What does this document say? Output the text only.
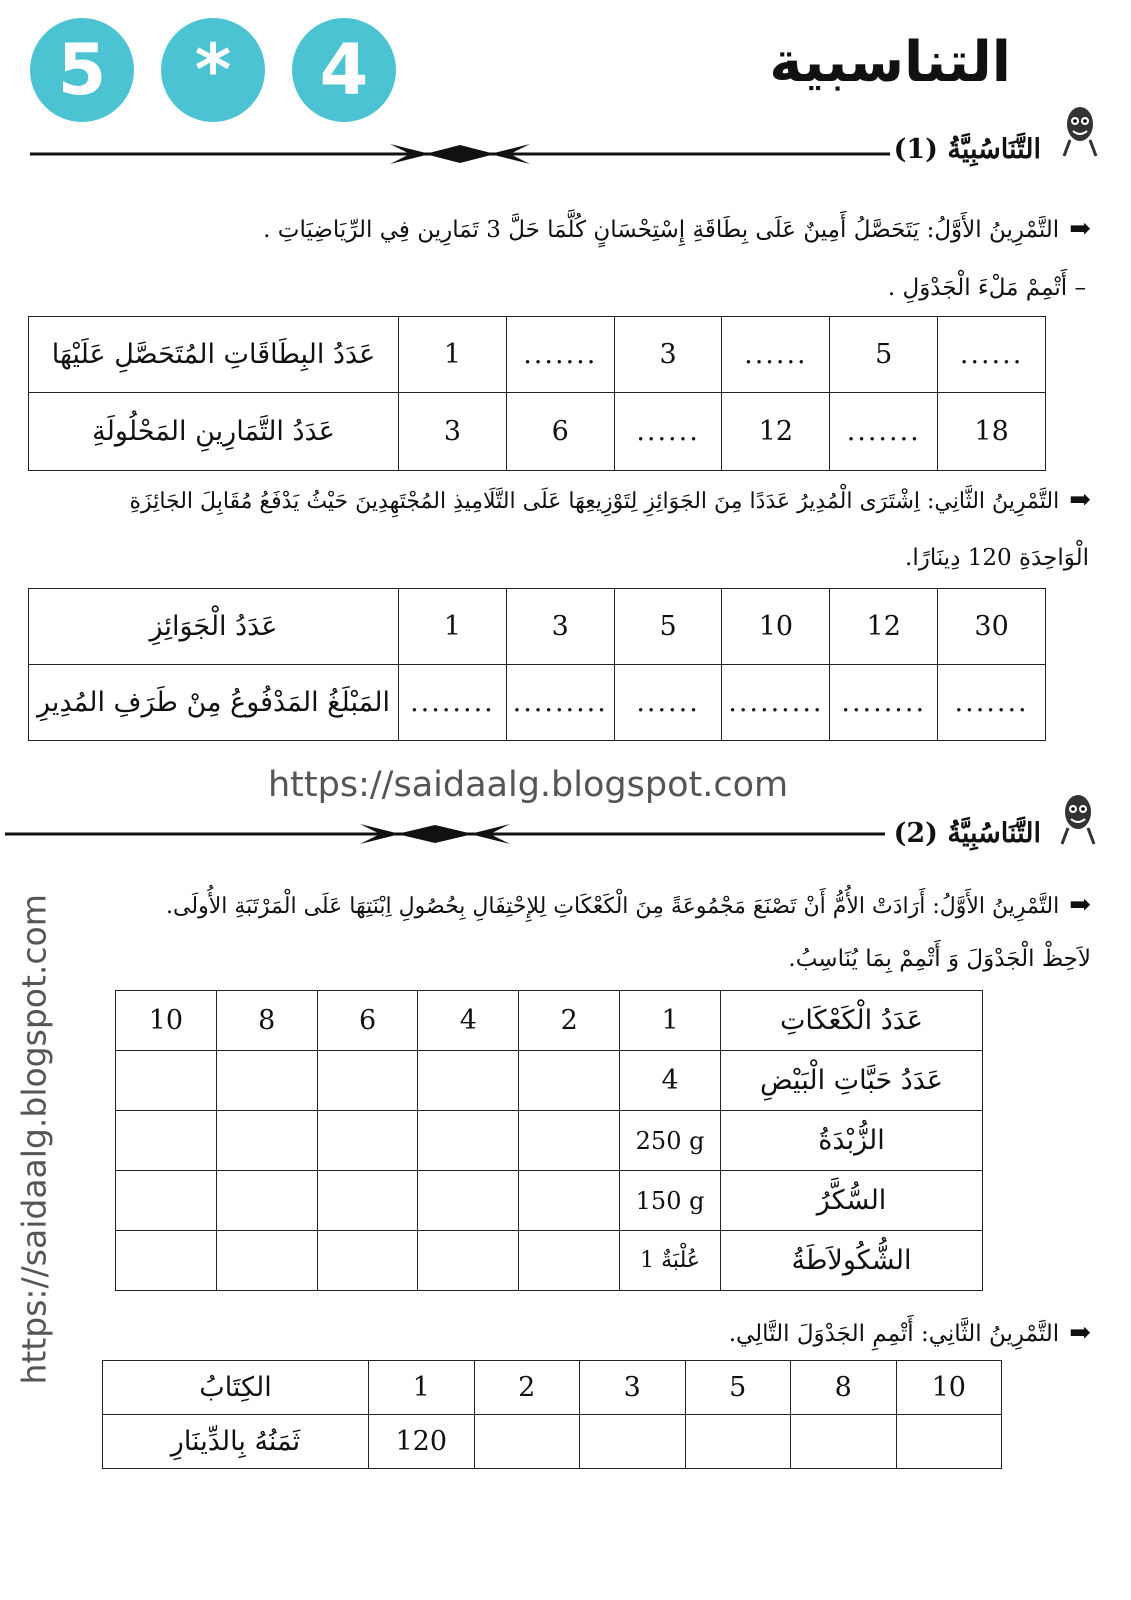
5	*	4	التناسبية
التَّنَاسُبِيَّةُ (1)
➡التَّمْرِينُ الأَوَّلُ: يَتَحَصَّلُ أَمِينٌ عَلَى بِطَاقَةِ إِسْتِحْسَانٍ كُلَّمَا حَلَّ 3 تَمَارِين فِي الرِّيَاضِيَاتِ .
– أَتْمِمْ مَلْءَ الْجَدْوَلِ .
عَدَدُ البِطَاقَاتِ المُتَحَصَّلِ عَلَيْهَا	1	.......	3	......	5	......
عَدَدُ التَّمَارِينِ المَحْلُولَةِ	3	6	......	12	.......	18
➡التَّمْرِينُ الثَّانِي: اِشْتَرَى الْمُدِيرُ عَدَدًا مِنَ الجَوَائِزِ لِتَوْزِيعِهَا عَلَى التَّلَامِيذِ المُجْتَهِدِينَ حَيْثُ يَدْفَعُ مُقَابِلَ الجَائِزَةِ
الْوَاحِدَةِ 120 دِينَارًا.
عَدَدُ الْجَوَائِزِ	1	3	5	10	12	30
المَبْلَغُ المَدْفُوعُ مِنْ طَرَفِ المُدِيرِ	........	.........	......	.........	........	.......
https://saidaalg.blogspot.com
التَّنَاسُبِيَّةُ (2)
➡التَّمْرِينُ الأَوَّلُ: أَرَادَتْ الأُمُّ أَنْ تَصْنَعَ مَجْمُوعَةً مِنَ الْكَعْكَاتِ لِلإِحْتِفَالِ بِحُصُولِ اِبْنَتِهَا عَلَى الْمَرْتَبَةِ الأُولَى.
لاَحِظْ الْجَدْوَلَ وَ أَتْمِمْ بِمَا يُنَاسِبُ.
10	8	6	4	2	1	عَدَدُ الْكَعْكَاتِ
					4	عَدَدُ حَبَّاتِ الْبَيْضِ
					250 g	الزُّبْدَةُ
					150 g	السُّكَّرُ
					عُلْبَةٌ 1	الشُّكُولاَطَةُ
➡التَّمْرِينُ الثَّانِي: أَتْمِمِ الجَدْوَلَ التَّالِي.
الكِتَابُ	1	2	3	5	8	10
ثَمَنُهُ بِالدِّينَارِ	120					
https://saidaalg.blogspot.com
